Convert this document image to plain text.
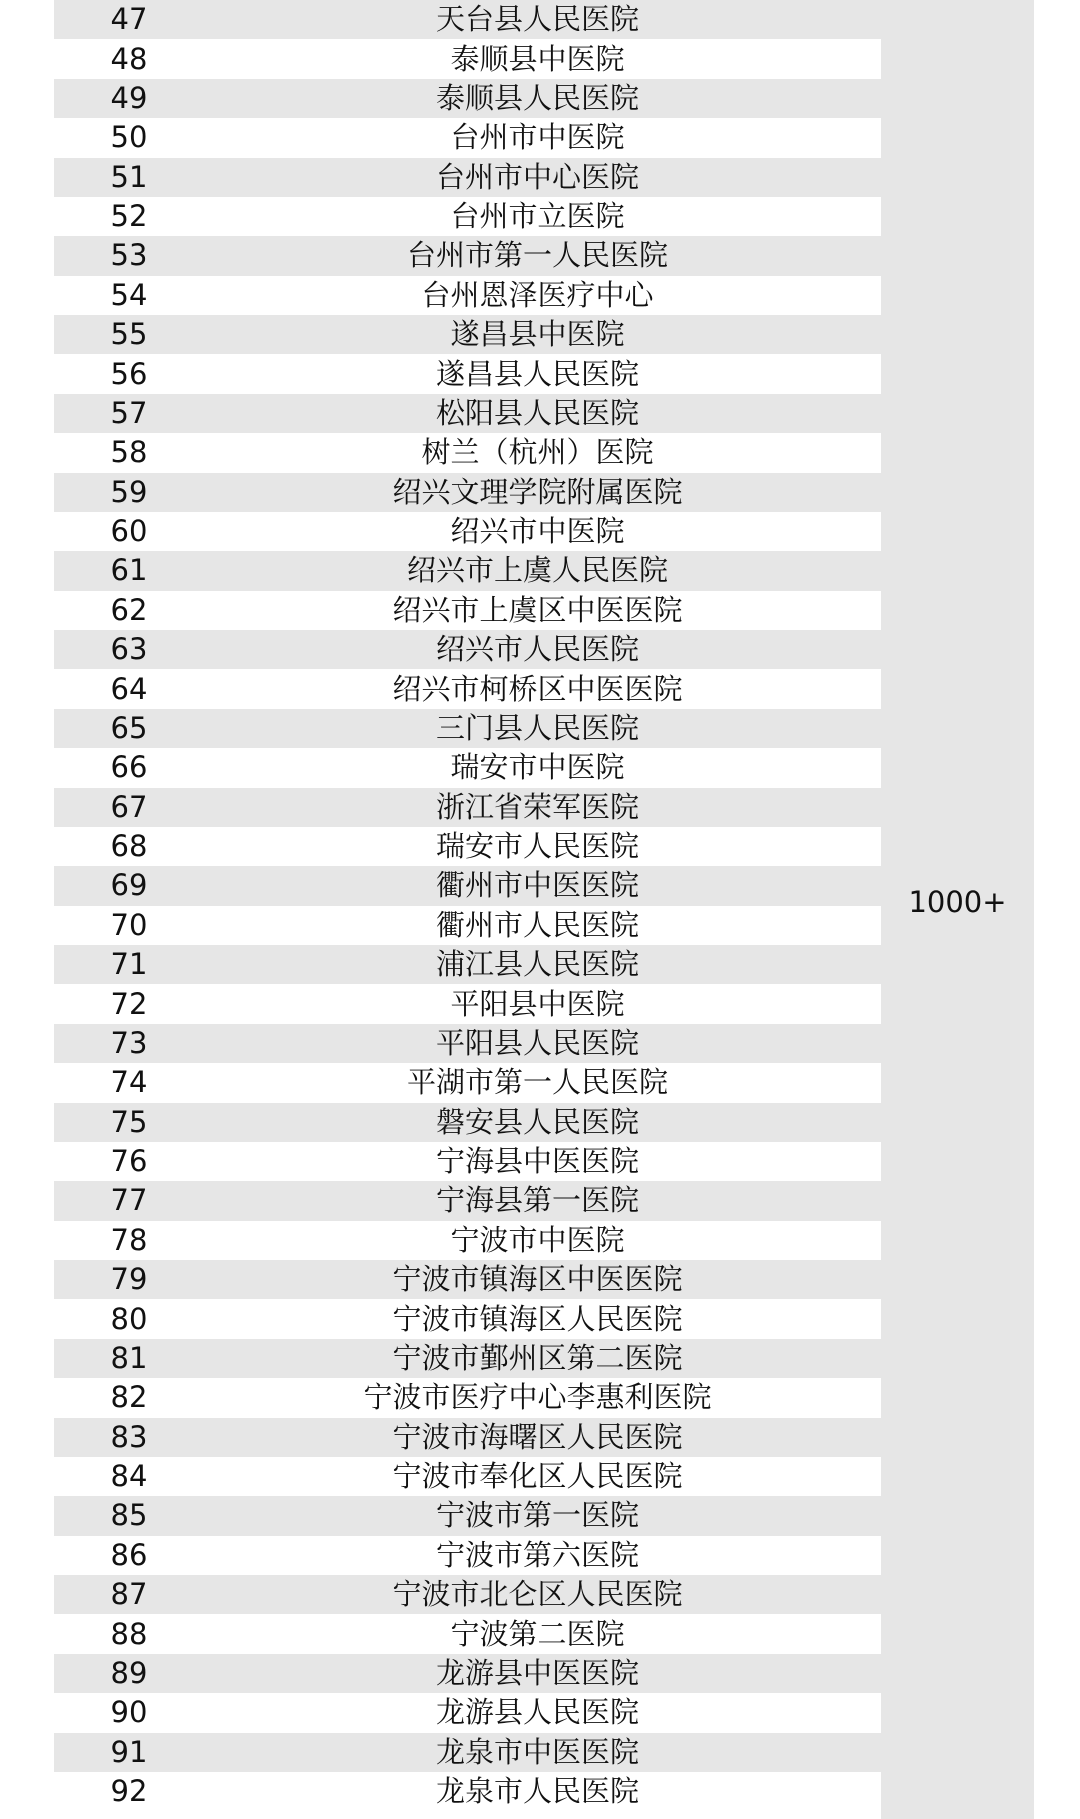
47	天台县人民医院
48	泰顺县中医院
49	泰顺县人民医院
50	台州市中医院
51	台州市中心医院
52	台州市立医院
53	台州市第一人民医院
54	台州恩泽医疗中心
55	遂昌县中医院
56	遂昌县人民医院
57	松阳县人民医院
58	树兰（杭州）医院
59	绍兴文理学院附属医院
60	绍兴市中医院
61	绍兴市上虞人民医院
62	绍兴市上虞区中医医院
63	绍兴市人民医院
64	绍兴市柯桥区中医医院
65	三门县人民医院
66	瑞安市中医院
67	浙江省荣军医院
68	瑞安市人民医院
69	衢州市中医医院
70	衢州市人民医院
71	浦江县人民医院
72	平阳县中医院
73	平阳县人民医院
74	平湖市第一人民医院
75	磐安县人民医院
76	宁海县中医医院
77	宁海县第一医院
78	宁波市中医院
79	宁波市镇海区中医医院
80	宁波市镇海区人民医院
81	宁波市鄞州区第二医院
82	宁波市医疗中心李惠利医院
83	宁波市海曙区人民医院
84	宁波市奉化区人民医院
85	宁波市第一医院
86	宁波市第六医院
87	宁波市北仑区人民医院
88	宁波第二医院
89	龙游县中医医院
90	龙游县人民医院
91	龙泉市中医医院
92	龙泉市人民医院
1000+
